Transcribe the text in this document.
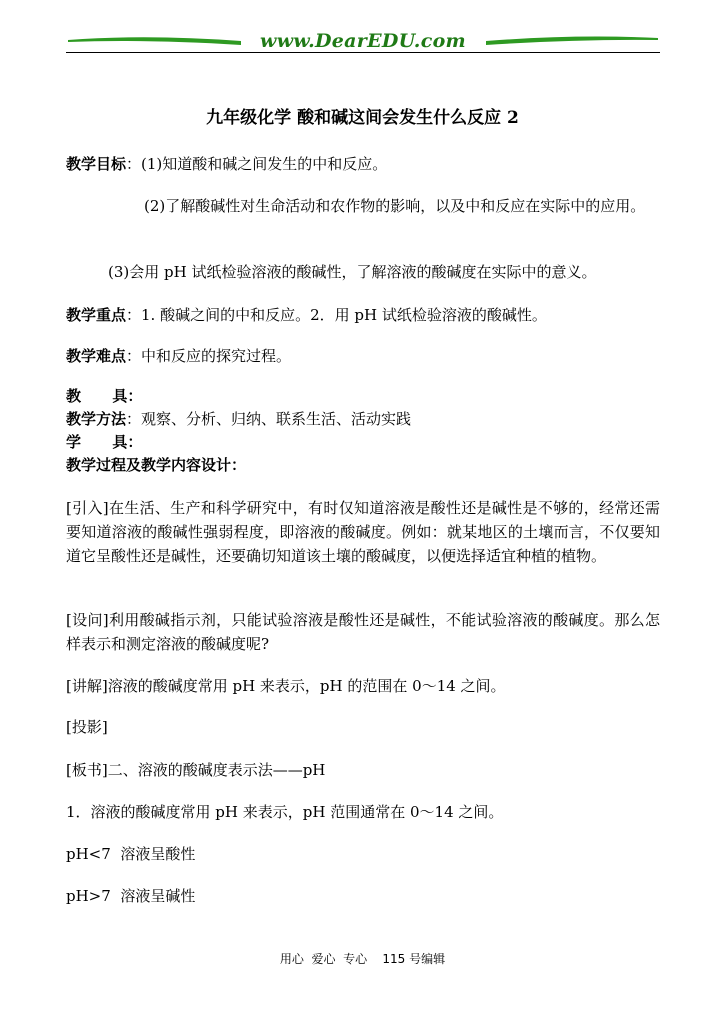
www.DearEDU.com
九年级化学 酸和碱这间会发生什么反应 2
教学目标：(1)知道酸和碱之间发生的中和反应。
(2)了解酸碱性对生命活动和农作物的影响，以及中和反应在实际中的应用。
(3)会用 pH 试纸检验溶液的酸碱性，了解溶液的酸碱度在实际中的意义。
教学重点：1. 酸碱之间的中和反应。2．用 pH 试纸检验溶液的酸碱性。
教学难点：中和反应的探究过程。
教      具：
教学方法：观察、分析、归纳、联系生活、活动实践
学      具：
教学过程及教学内容设计：
[引入]在生活、生产和科学研究中，有时仅知道溶液是酸性还是碱性是不够的，经常还需要知道溶液的酸碱性强弱程度，即溶液的酸碱度。例如：就某地区的土壤而言，不仅要知道它呈酸性还是碱性，还要确切知道该土壤的酸碱度，以便选择适宜种植的植物。
[设问]利用酸碱指示剂，只能试验溶液是酸性还是碱性，不能试验溶液的酸碱度。那么怎样表示和测定溶液的酸碱度呢?
[讲解]溶液的酸碱度常用 pH 来表示，pH 的范围在 0～14 之间。
[投影]
[板书]二、溶液的酸碱度表示法——pH
1．溶液的酸碱度常用 pH 来表示，pH 范围通常在 0～14 之间。
pH<7  溶液呈酸性
pH>7  溶液呈碱性
用心  爱心  专心    115 号编辑
